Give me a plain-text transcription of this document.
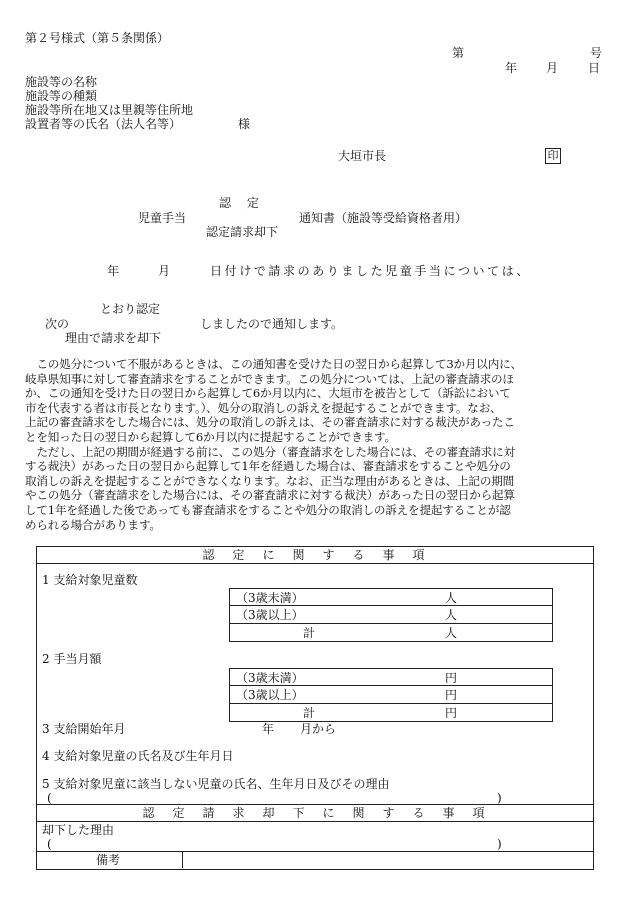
第２号様式（第５条関係）
第	号
年 月 日
施設等の名称
施設等の種類
施設等所在地又は里親等住所地
設置者等の氏名（法人名等）	様
大垣市長	印
認　 定
児童手当	通知書（施設等受給資格者用）
認定請求却下
年	月	日付けで請求のありました児童手当については、
とおり認定
次の	しましたので通知します。
理由で請求を却下
　この処分について不服があるときは、この通知書を受けた日の翌日から起算して3か月以内に、
岐阜県知事に対して審査請求をすることができます。この処分については、上記の審査請求のほ
か、この通知を受けた日の翌日から起算して6か月以内に、大垣市を被告として（訴訟において
市を代表する者は市長となります。）、処分の取消しの訴えを提起することができます。なお、
上記の審査請求をした場合には、処分の取消しの訴えは、その審査請求に対する裁決があったこ
とを知った日の翌日から起算して6か月以内に提起することができます。
　ただし、上記の期間が経過する前に、この処分（審査請求をした場合には、その審査請求に対
する裁決）があった日の翌日から起算して1年を経過した場合は、審査請求をすることや処分の
取消しの訴えを提起することができなくなります。なお、正当な理由があるときは、上記の期間
やこの処分（審査請求をした場合には、その審査請求に対する裁決）があった日の翌日から起算
して1年を経過した後であっても審査請求をすることや処分の取消しの訴えを提起することが認
められる場合があります。
認　定　に　関　す　る　事　項
1 支給対象児童数
（3歳未満）	人
（3歳以上）	人
計	人
2 手当月額
（3歳未満）	円
（3歳以上）	円
計	円
3 支給開始年月	年 月から
4 支給対象児童の氏名及び生年月日
5 支給対象児童に該当しない児童の氏名、生年月日及びその理由
(	)
認　定　請　求　却　下　に　関　す　る　事　項
却下した理由
(	)
備考
